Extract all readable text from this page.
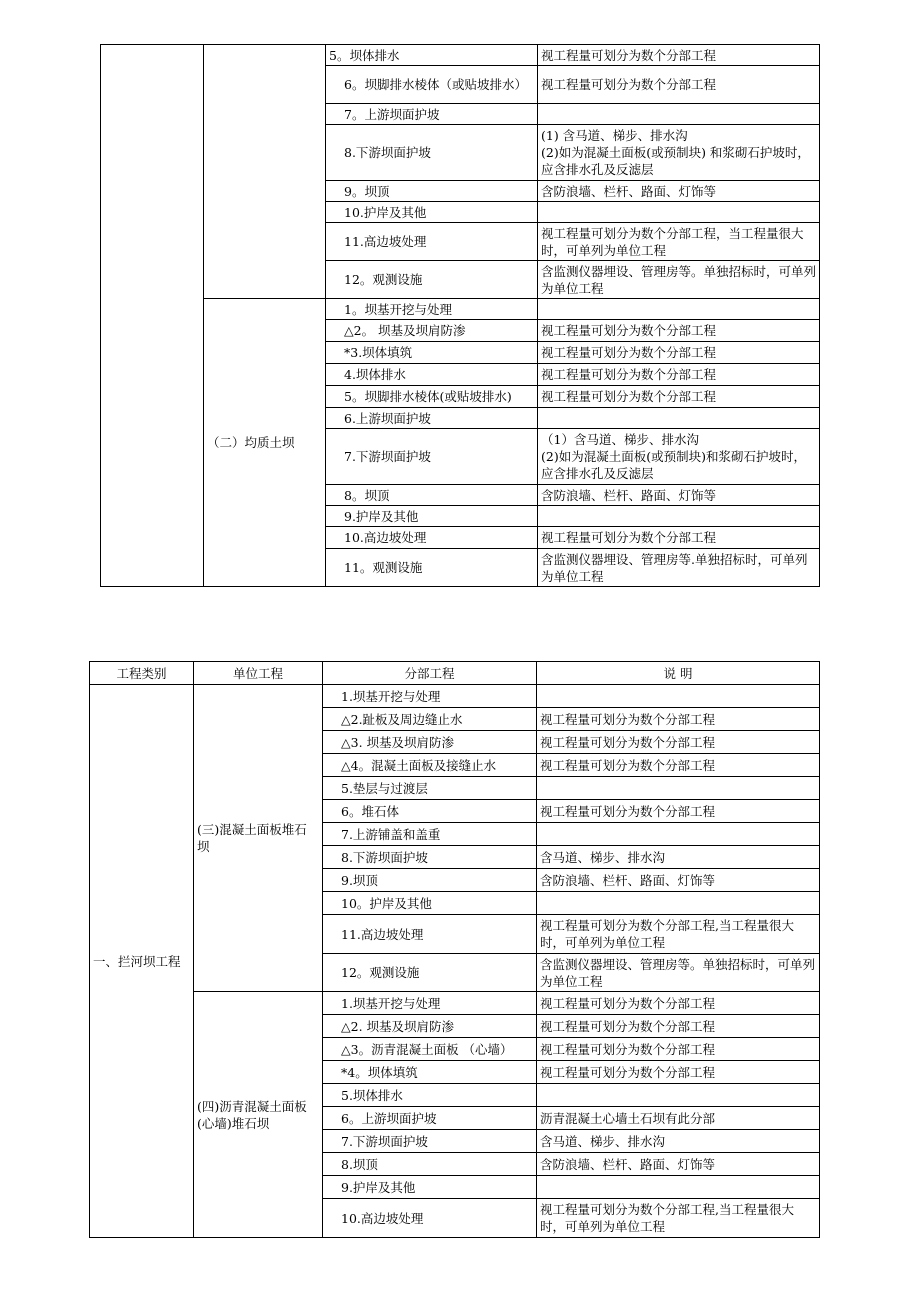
		5。坝体排水	视工程量可划分为数个分部工程
		6。坝脚排水棱体（或贴坡排水）	视工程量可划分为数个分部工程
		7。上游坝面护坡	
		8.下游坝面护坡	(1) 含马道、梯步、排水沟
(2)如为混凝土面板(或预制块) 和浆砌石护坡时，应含排水孔及反滤层
		9。坝顶	含防浪墙、栏杆、路面、灯饰等
		10.护岸及其他	
		11.高边坡处理	视工程量可划分为数个分部工程，当工程量很大时，可单列为单位工程
		12。观测设施	含监测仪器埋设、管理房等。单独招标时，可单列为单位工程
	（二）均质土坝	1。坝基开挖与处理	
		△2。 坝基及坝肩防渗	视工程量可划分为数个分部工程
		*3.坝体填筑	视工程量可划分为数个分部工程
		4.坝体排水	视工程量可划分为数个分部工程
		5。坝脚排水棱体(或贴坡排水)	视工程量可划分为数个分部工程
		6.上游坝面护坡	
		7.下游坝面护坡	（1）含马道、梯步、排水沟
(2)如为混凝土面板(或预制块)和浆砌石护坡时，应含排水孔及反滤层
		8。坝顶	含防浪墙、栏杆、路面、灯饰等
		9.护岸及其他	
		10.高边坡处理	视工程量可划分为数个分部工程
		11。观测设施	含监测仪器埋设、管理房等.单独招标时，可单列为单位工程
工程类别	单位工程	分部工程	说 明
一、拦河坝工程	(三)混凝土面板堆石坝	1.坝基开挖与处理	
		△2.趾板及周边缝止水	视工程量可划分为数个分部工程
		△3. 坝基及坝肩防渗	视工程量可划分为数个分部工程
		△4。混凝土面板及接缝止水	视工程量可划分为数个分部工程
		5.垫层与过渡层	
		6。堆石体	视工程量可划分为数个分部工程
		7.上游铺盖和盖重	
		8.下游坝面护坡	含马道、梯步、排水沟
		9.坝顶	含防浪墙、栏杆、路面、灯饰等
		10。护岸及其他	
		11.高边坡处理	视工程量可划分为数个分部工程,当工程量很大时，可单列为单位工程
		12。观测设施	含监测仪器埋设、管理房等。单独招标时，可单列为单位工程
	(四)沥青混凝土面板(心墙)堆石坝	1.坝基开挖与处理	视工程量可划分为数个分部工程
		△2. 坝基及坝肩防渗	视工程量可划分为数个分部工程
		△3。沥青混凝土面板 （心墙）	视工程量可划分为数个分部工程
		*4。坝体填筑	视工程量可划分为数个分部工程
		5.坝体排水	
		6。上游坝面护坡	沥青混凝土心墙土石坝有此分部
		7.下游坝面护坡	含马道、梯步、排水沟
		8.坝顶	含防浪墙、栏杆、路面、灯饰等
		9.护岸及其他	
		10.高边坡处理	视工程量可划分为数个分部工程,当工程量很大时，可单列为单位工程
